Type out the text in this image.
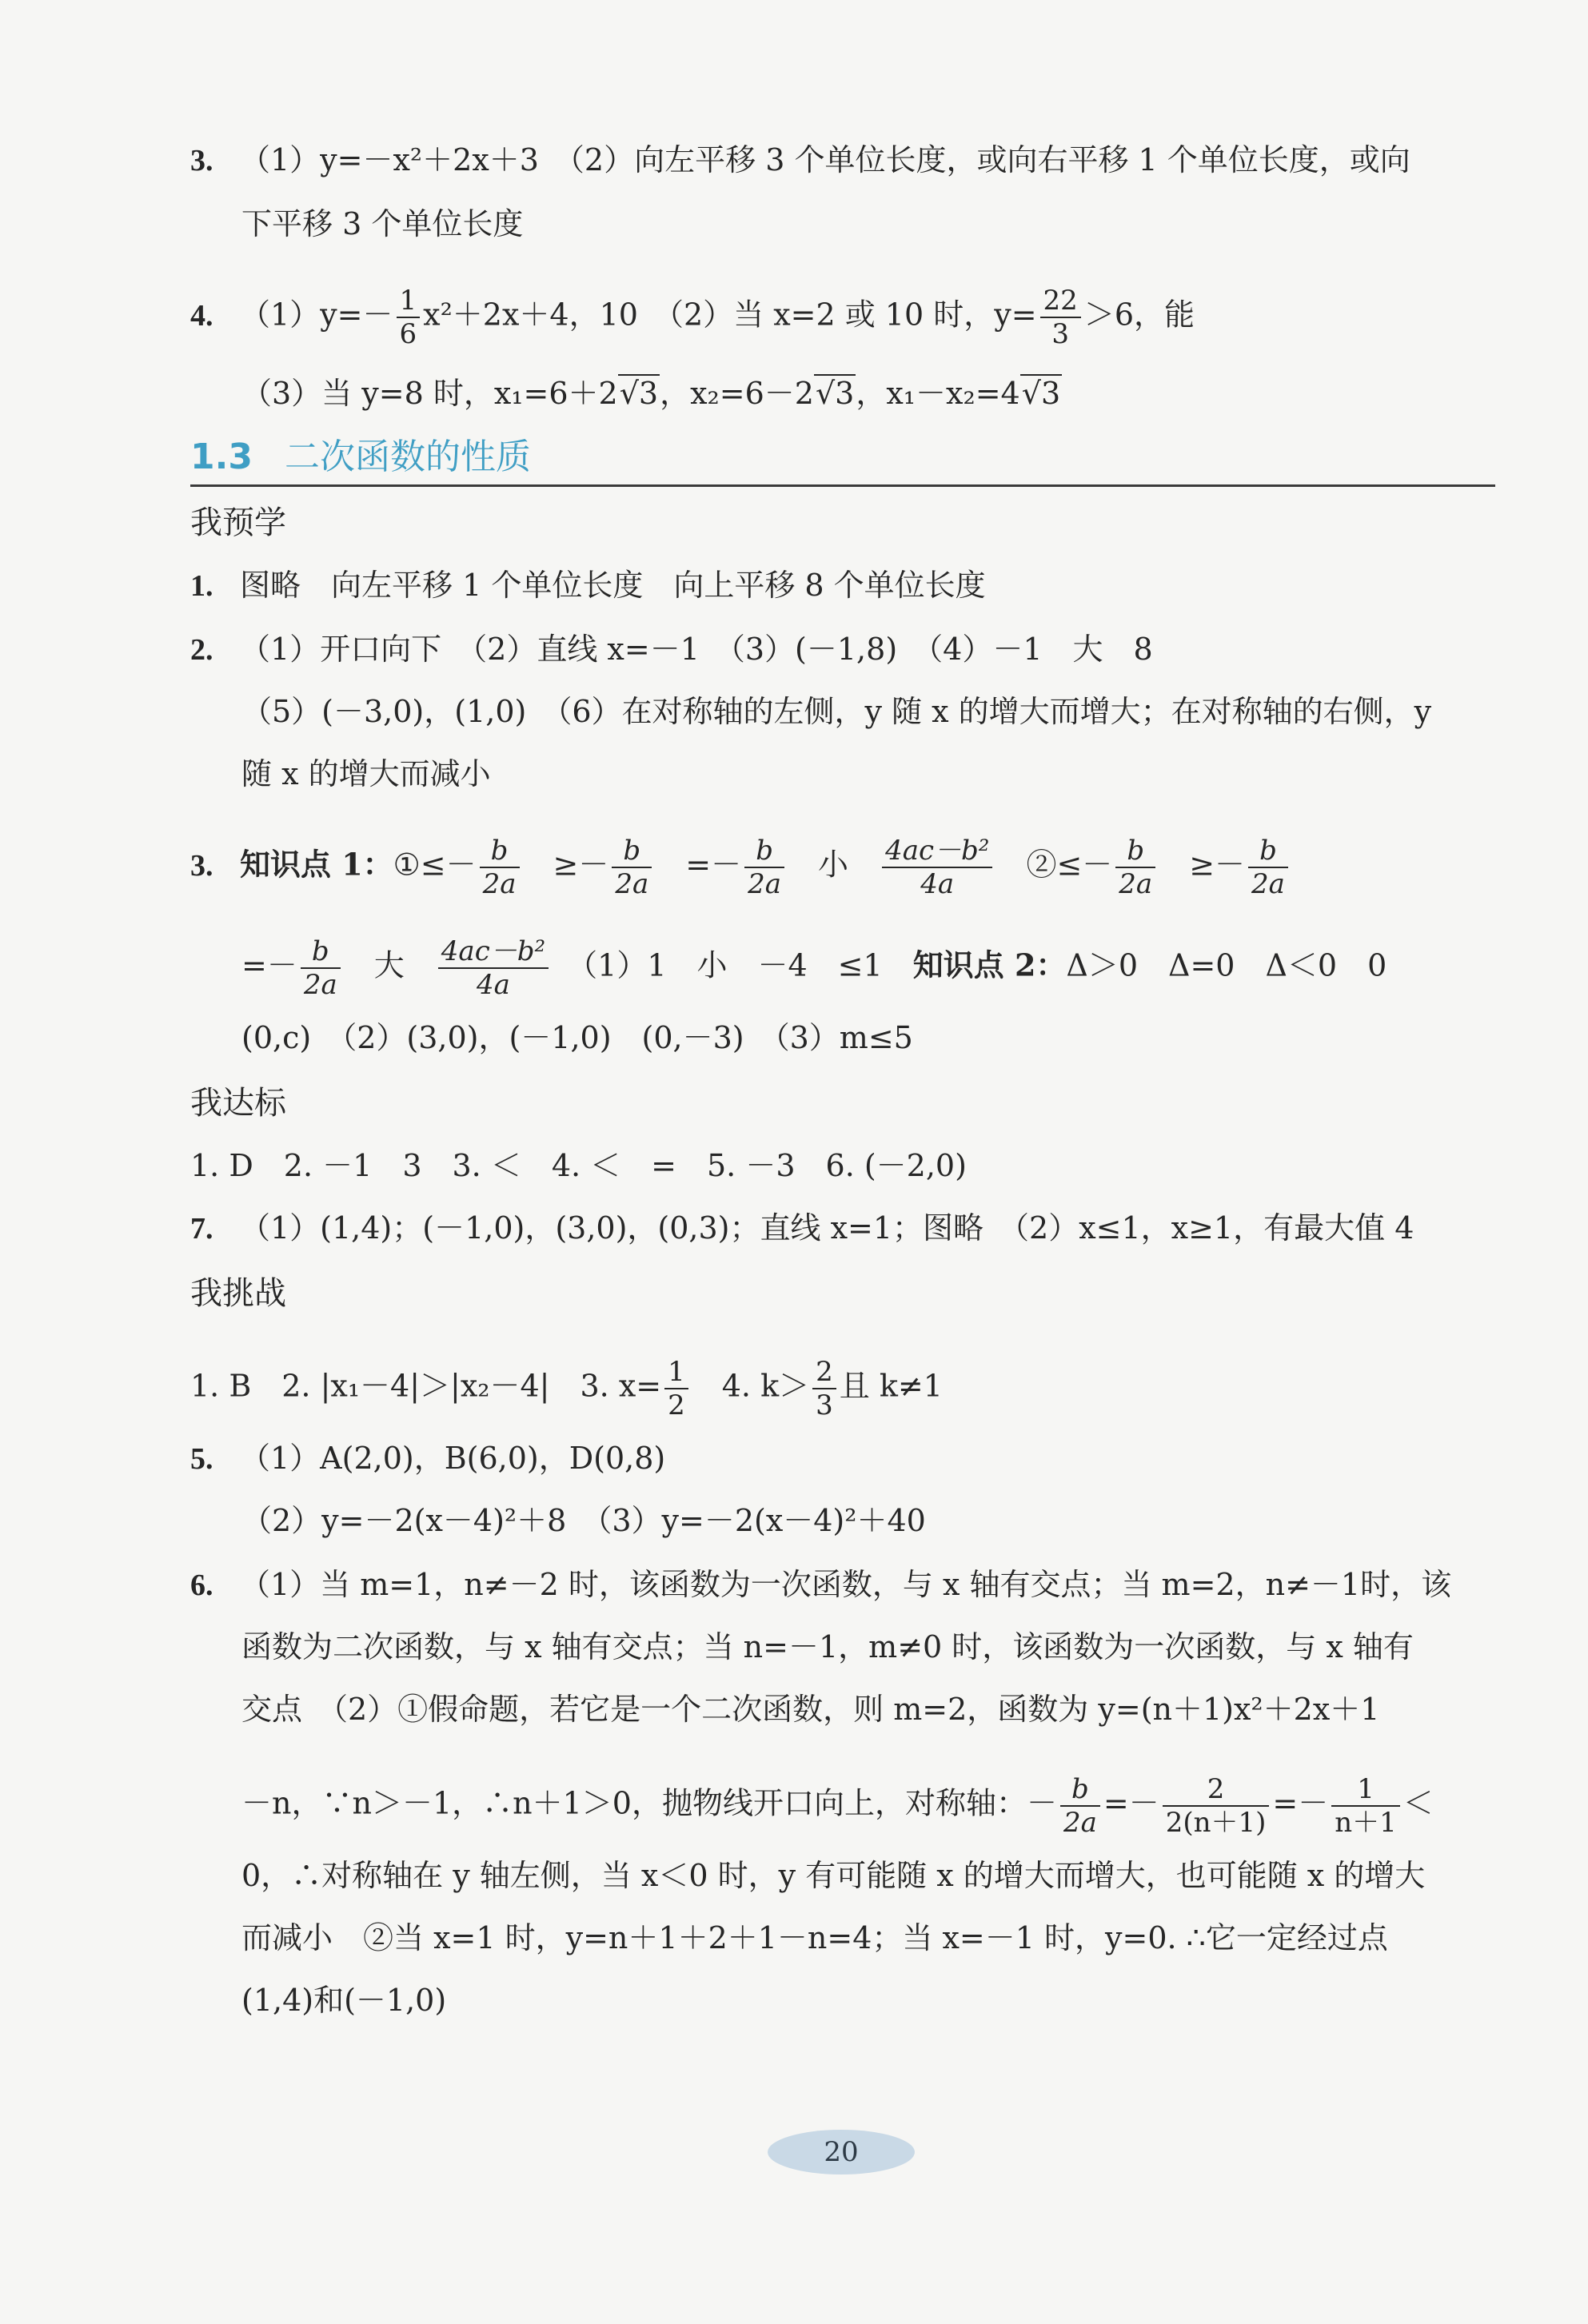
3. （1）y=－x²＋2x＋3　（2）向左平移 3 个单位长度，或向右平移 1 个单位长度，或向
下平移 3 个单位长度
4. $(1)y=- \frac{1}{6} x^2+2x+4$，10　（2）当 x=2 或 10 时，$y= \frac{22}{3} >6$，能
（3）当 y=8 时，x₁=6＋2√3，x₂=6－2√3，x₁－x₂=4√3
1.3 二次函数的性质
我预学
1. 图略　向左平移 1 个单位长度　向上平移 8 个单位长度
2. （1）开口向下　（2）直线 x=－1　（3）(－1,8)　（4）－1　大　8
（5）(－3,0)，(1,0)　（6）在对称轴的左侧，y 随 x 的增大而增大；在对称轴的右侧，y
随 x 的增大而减小
3. 知识点 1：①≤－ $\frac{b}{2a}$
　 ≥－ $\frac{b}{2a}$
　 =－ $\frac{b}{2a}$
　 小　 $\frac{\text{4ac－b²}}{4a}$
　 ②≤－ $\frac{b}{2a}$
　 ≥－ $\frac{b}{2a}$
=－ $\frac{b}{2a}$
　 大　 $\frac{\text{4ac－b²}}{4a}$
　 （1）1　小　－4　≤1　 知识点 2：Δ＞0　Δ=0　Δ＜0　0
(0,c)　（2）(3,0)，(－1,0)　(0,－3)　（3）m≤5
我达标
1. D　2. －1　3　3. ＜　4. ＜　=　5. －3　6. (－2,0)
7. （1）(1,4)；(－1,0)，(3,0)，(0,3)；直线 x=1；图略　（2）x≤1，x≥1，有最大值 4
我挑战
1. B　2. |x₁－4|＞|x₂－4|　3. $x= \frac{1}{2}$ 　4. $k> \frac{2}{3}$ 且 k≠1
5. （1）A(2,0)，B(6,0)，D(0,8)
（2）y=－2(x－4)²＋8　（3）y=－2(x－4)²＋40
6. （1）当 m=1，n≠－2 时，该函数为一次函数，与 x 轴有交点；当 m=2，n≠－1时，该
函数为二次函数，与 x 轴有交点；当 n=－1，m≠0 时，该函数为一次函数，与 x 轴有
交点　（2）①假命题，若它是一个二次函数，则 m=2，函数为 y=(n＋1)x²＋2x＋1
－n，∵n＞－1，∴n＋1＞0，抛物线开口向上，对称轴：－ $\frac{b}{2a} =- \frac{2}{2(n+1)} =- \frac{1}{n+1}$ ＜
0，∴对称轴在 y 轴左侧，当 x＜0 时，y 有可能随 x 的增大而增大，也可能随 x 的增大
而减小　②当 x=1 时，y=n＋1＋2＋1－n=4；当 x=－1 时，y=0. ∴它一定经过点
(1,4)和(－1,0)
20
